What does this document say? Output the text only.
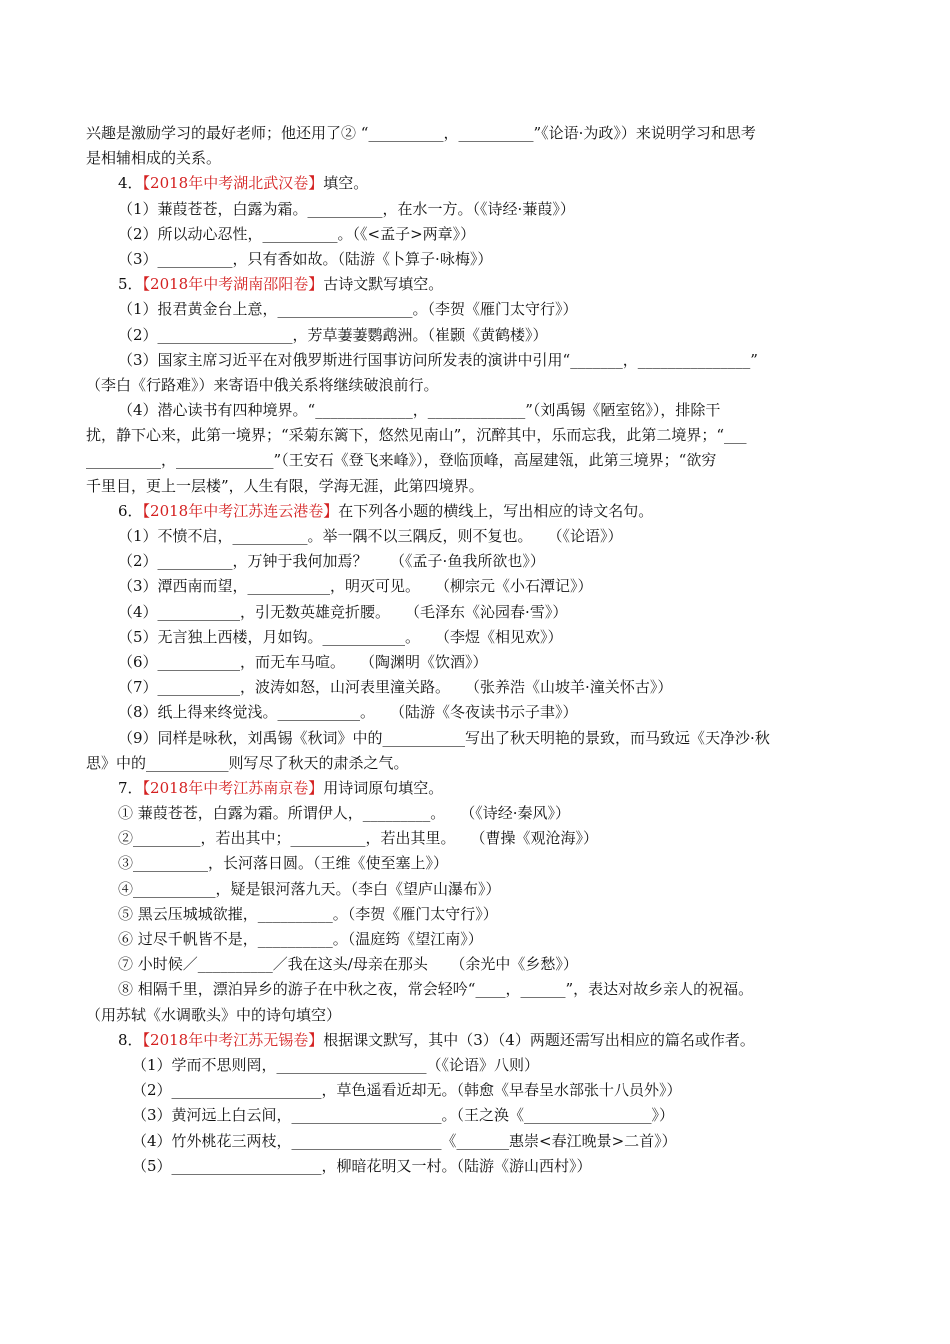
兴趣是激励学习的最好老师；他还用了② “__________，__________”《论语·为政》）来说明学习和思考
是相辅相成的关系。
4．【2018年中考湖北武汉卷】填空。
（1）蒹葭苍苍，白露为霜。__________，在水一方。（《诗经·蒹葭》）
（2）所以动心忍性，__________。（《<孟子>两章》）
（3）__________，只有香如故。（陆游《卜算子·咏梅》）
5．【2018年中考湖南邵阳卷】古诗文默写填空。
（1）报君黄金台上意，__________________。（李贺《雁门太守行》）
（2）__________________，芳草萋萋鹦鹉洲。（崔颢《黄鹤楼》）
（3）国家主席习近平在对俄罗斯进行国事访问所发表的演讲中引用“_______，_______________”
（李白《行路难》）来寄语中俄关系将继续破浪前行。
（4）潜心读书有四种境界。“_____________，_____________”（刘禹锡《陋室铭》），排除干
扰，静下心来，此第一境界；“采菊东篱下，悠然见南山”，沉醉其中，乐而忘我，此第二境界；“___
__________，_____________”（王安石《登飞来峰》），登临顶峰，高屋建瓴，此第三境界；“欲穷
千里目，更上一层楼”，人生有限，学海无涯，此第四境界。
6．【2018年中考江苏连云港卷】在下列各小题的横线上，写出相应的诗文名句。
（1）不愤不启，__________。举一隅不以三隅反，则不复也。　　（《论语》）
（2）__________，万钟于我何加焉？　　（《孟子·鱼我所欲也》）
（3）潭西南而望，___________，明灭可见。　　（柳宗元《小石潭记》）
（4）___________，引无数英雄竞折腰。　　（毛泽东《沁园春·雪》）
（5）无言独上西楼，月如钩。___________。　　（李煜《相见欢》）
（6）___________，而无车马喧。　　（陶渊明《饮酒》）
（7）___________，波涛如怒，山河表里潼关路。　　（张养浩《山坡羊·潼关怀古》）
（8）纸上得来终觉浅。___________。　　（陆游《冬夜读书示子聿》）
（9）同样是咏秋，刘禹锡《秋词》中的___________写出了秋天明艳的景致，而马致远《天净沙·秋
思》中的___________则写尽了秋天的肃杀之气。
7．【2018年中考江苏南京卷】用诗词原句填空。
① 蒹葭苍苍，白露为霜。所谓伊人，_________。　　（《诗经·秦风》）
②_________，若出其中；__________，若出其里。　　（曹操《观沧海》）
③__________，长河落日圆。（王维《使至塞上》）
④___________，疑是银河落九天。（李白《望庐山瀑布》）
⑤ 黑云压城城欲摧，__________。（李贺《雁门太守行》）
⑥ 过尽千帆皆不是，__________。（温庭筠《望江南》）
⑦ 小时候／__________／我在这头/母亲在那头　　（余光中《乡愁》）
⑧ 相隔千里，漂泊异乡的游子在中秋之夜，常会轻吟“____，______”，表达对故乡亲人的祝福。
（用苏轼《水调歌头》中的诗句填空）
8．【2018年中考江苏无锡卷】根据课文默写，其中（3）（4）两题还需写出相应的篇名或作者。
（1）学而不思则罔，____________________（《论语》八则）
（2）____________________，草色遥看近却无。（韩愈《早春呈水部张十八员外》）
（3）黄河远上白云间，____________________。（王之涣《_________________》）
（4）竹外桃花三两枝，____________________《_______惠崇<春江晚景>二首》）
（5）____________________，柳暗花明又一村。（陆游《游山西村》）
